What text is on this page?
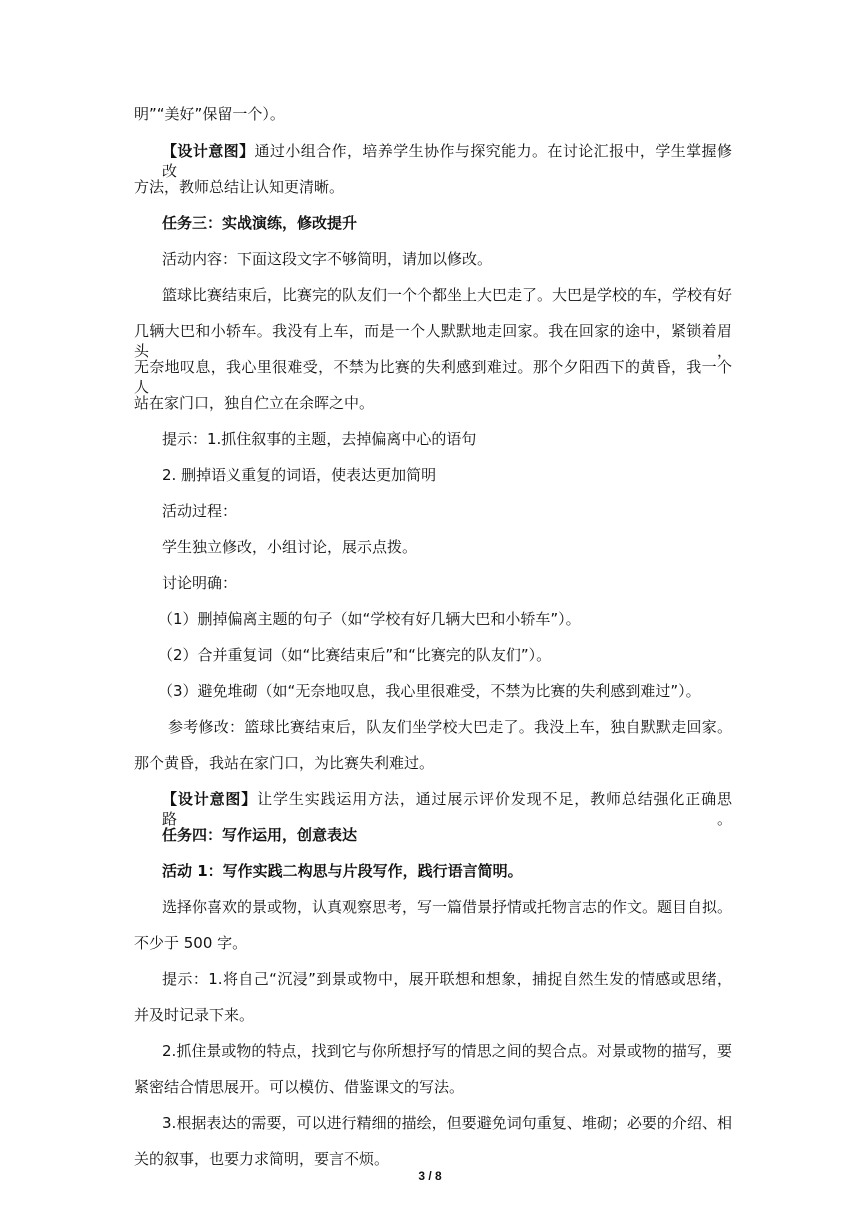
明”“美好”保留一个）。
【设计意图】通过小组合作，培养学生协作与探究能力。在讨论汇报中，学生掌握修改
方法，教师总结让认知更清晰。
任务三：实战演练，修改提升
活动内容：下面这段文字不够简明，请加以修改。
篮球比赛结束后，比赛完的队友们一个个都坐上大巴走了。大巴是学校的车，学校有好
几辆大巴和小轿车。我没有上车，而是一个人默默地走回家。我在回家的途中，紧锁着眉头，
无奈地叹息，我心里很难受，不禁为比赛的失利感到难过。那个夕阳西下的黄昏，我一个人
站在家门口，独自伫立在余晖之中。
提示：1.抓住叙事的主题，去掉偏离中心的语句
2. 删掉语义重复的词语，使表达更加简明
活动过程：
学生独立修改，小组讨论，展示点拨。
讨论明确：
（1）删掉偏离主题的句子（如“学校有好几辆大巴和小轿车”）。
（2）合并重复词（如“比赛结束后”和“比赛完的队友们”）。
（3）避免堆砌（如“无奈地叹息，我心里很难受，不禁为比赛的失利感到难过”）。
参考修改：篮球比赛结束后，队友们坐学校大巴走了。我没上车，独自默默走回家。
那个黄昏，我站在家门口，为比赛失利难过。
【设计意图】让学生实践运用方法，通过展示评价发现不足，教师总结强化正确思路。
任务四：写作运用，创意表达
活动 1：写作实践二构思与片段写作，践行语言简明。
选择你喜欢的景或物，认真观察思考，写一篇借景抒情或托物言志的作文。题目自拟。
不少于 500 字。
提示：1.将自己“沉浸”到景或物中，展开联想和想象，捕捉自然生发的情感或思绪，
并及时记录下来。
2.抓住景或物的特点，找到它与你所想抒写的情思之间的契合点。对景或物的描写，要
紧密结合情思展开。可以模仿、借鉴课文的写法。
3.根据表达的需要，可以进行精细的描绘，但要避免词句重复、堆砌；必要的介绍、相
关的叙事，也要力求简明，要言不烦。
3 / 8
